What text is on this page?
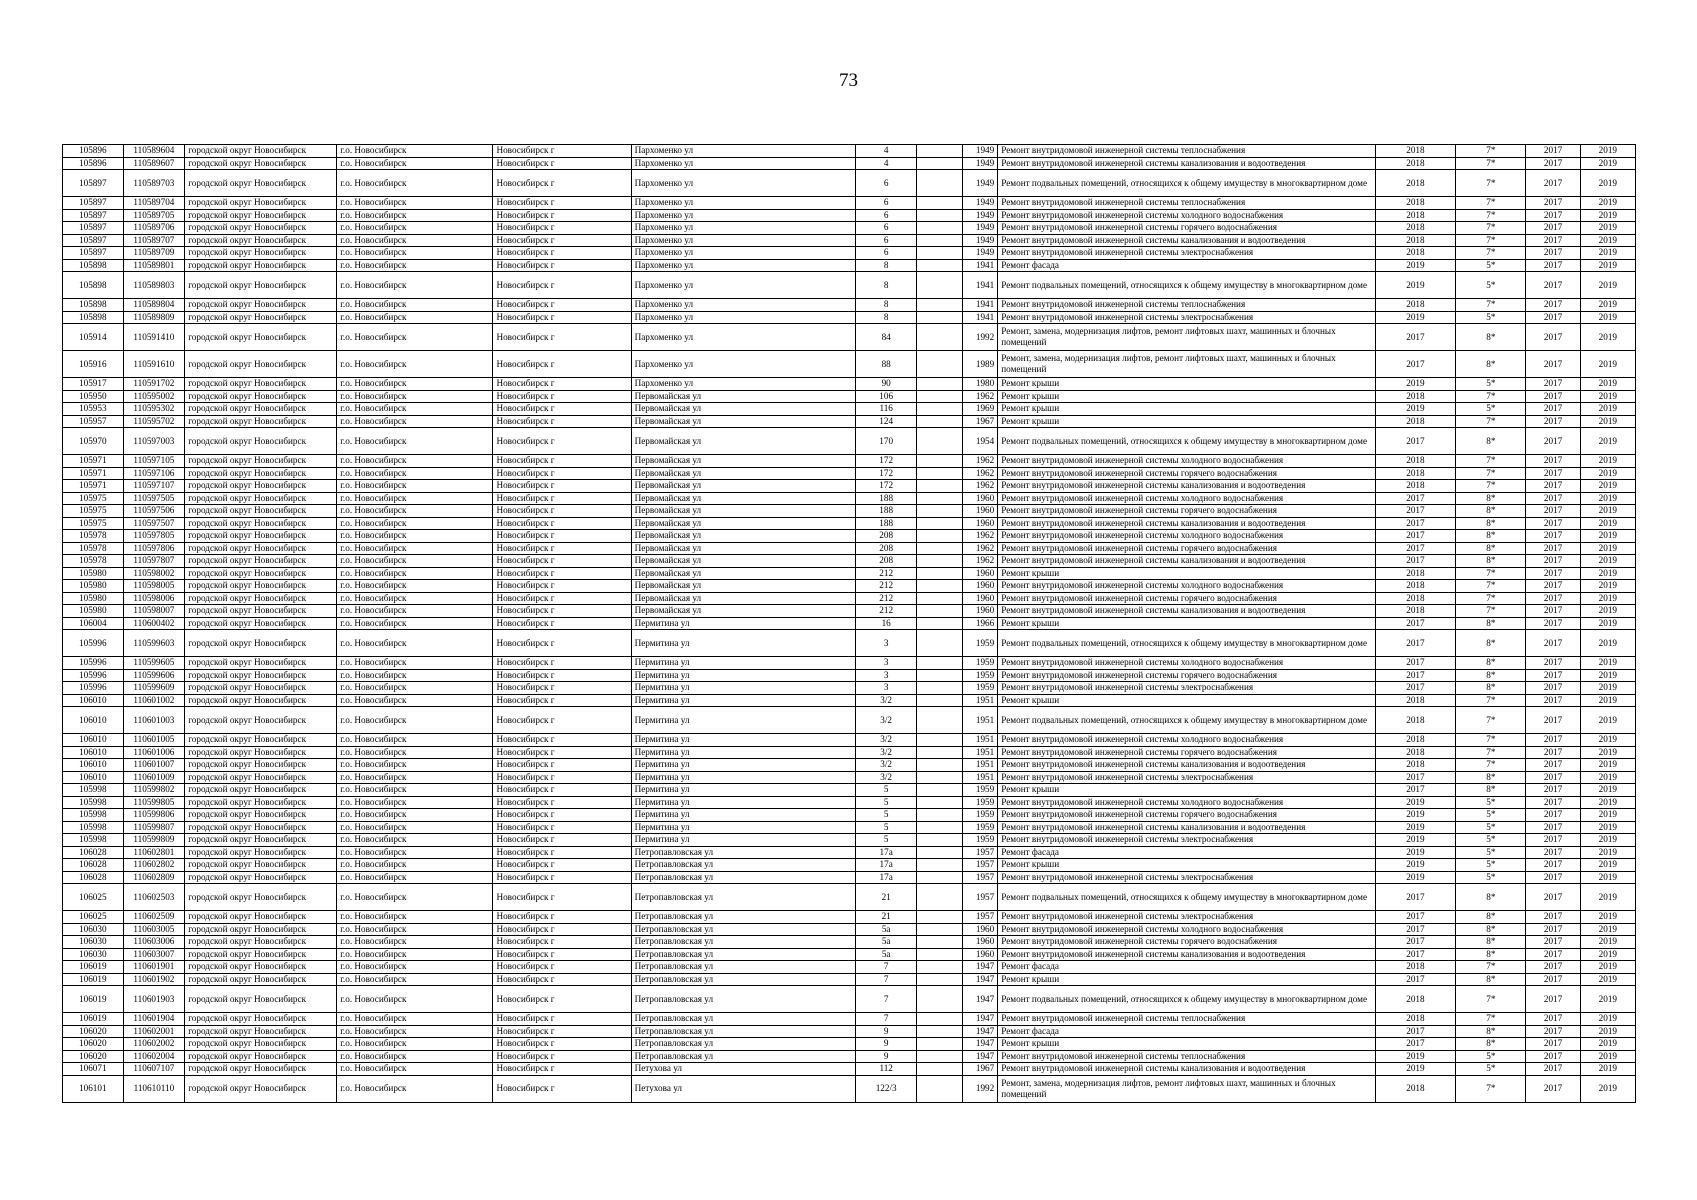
73
105896	110589604	городской округ Новосибирск	г.о. Новосибирск	Новосибирск г	Пархоменко ул	4		1949	Ремонт внутридомовой инженерной системы теплоснабжения	2018	7*	2017	2019
105896	110589607	городской округ Новосибирск	г.о. Новосибирск	Новосибирск г	Пархоменко ул	4		1949	Ремонт внутридомовой инженерной системы канализования и водоотведения	2018	7*	2017	2019
105897	110589703	городской округ Новосибирск	г.о. Новосибирск	Новосибирск г	Пархоменко ул	6		1949	Ремонт подвальных помещений, относящихся к общему имуществу в многоквартирном доме	2018	7*	2017	2019
105897	110589704	городской округ Новосибирск	г.о. Новосибирск	Новосибирск г	Пархоменко ул	6		1949	Ремонт внутридомовой инженерной системы теплоснабжения	2018	7*	2017	2019
105897	110589705	городской округ Новосибирск	г.о. Новосибирск	Новосибирск г	Пархоменко ул	6		1949	Ремонт внутридомовой инженерной системы холодного водоснабжения	2018	7*	2017	2019
105897	110589706	городской округ Новосибирск	г.о. Новосибирск	Новосибирск г	Пархоменко ул	6		1949	Ремонт внутридомовой инженерной системы горячего водоснабжения	2018	7*	2017	2019
105897	110589707	городской округ Новосибирск	г.о. Новосибирск	Новосибирск г	Пархоменко ул	6		1949	Ремонт внутридомовой инженерной системы канализования и водоотведения	2018	7*	2017	2019
105897	110589709	городской округ Новосибирск	г.о. Новосибирск	Новосибирск г	Пархоменко ул	6		1949	Ремонт внутридомовой инженерной системы электроснабжения	2018	7*	2017	2019
105898	110589801	городской округ Новосибирск	г.о. Новосибирск	Новосибирск г	Пархоменко ул	8		1941	Ремонт фасада	2019	5*	2017	2019
105898	110589803	городской округ Новосибирск	г.о. Новосибирск	Новосибирск г	Пархоменко ул	8		1941	Ремонт подвальных помещений, относящихся к общему имуществу в многоквартирном доме	2019	5*	2017	2019
105898	110589804	городской округ Новосибирск	г.о. Новосибирск	Новосибирск г	Пархоменко ул	8		1941	Ремонт внутридомовой инженерной системы теплоснабжения	2018	7*	2017	2019
105898	110589809	городской округ Новосибирск	г.о. Новосибирск	Новосибирск г	Пархоменко ул	8		1941	Ремонт внутридомовой инженерной системы электроснабжения	2019	5*	2017	2019
105914	110591410	городской округ Новосибирск	г.о. Новосибирск	Новосибирск г	Пархоменко ул	84		1992	Ремонт, замена, модернизация лифтов, ремонт лифтовых шахт, машинных и блочных помещений	2017	8*	2017	2019
105916	110591610	городской округ Новосибирск	г.о. Новосибирск	Новосибирск г	Пархоменко ул	88		1989	Ремонт, замена, модернизация лифтов, ремонт лифтовых шахт, машинных и блочных помещений	2017	8*	2017	2019
105917	110591702	городской округ Новосибирск	г.о. Новосибирск	Новосибирск г	Пархоменко ул	90		1980	Ремонт крыши	2019	5*	2017	2019
105950	110595002	городской округ Новосибирск	г.о. Новосибирск	Новосибирск г	Первомайская ул	106		1962	Ремонт крыши	2018	7*	2017	2019
105953	110595302	городской округ Новосибирск	г.о. Новосибирск	Новосибирск г	Первомайская ул	116		1969	Ремонт крыши	2019	5*	2017	2019
105957	110595702	городской округ Новосибирск	г.о. Новосибирск	Новосибирск г	Первомайская ул	124		1967	Ремонт крыши	2018	7*	2017	2019
105970	110597003	городской округ Новосибирск	г.о. Новосибирск	Новосибирск г	Первомайская ул	170		1954	Ремонт подвальных помещений, относящихся к общему имуществу в многоквартирном доме	2017	8*	2017	2019
105971	110597105	городской округ Новосибирск	г.о. Новосибирск	Новосибирск г	Первомайская ул	172		1962	Ремонт внутридомовой инженерной системы холодного водоснабжения	2018	7*	2017	2019
105971	110597106	городской округ Новосибирск	г.о. Новосибирск	Новосибирск г	Первомайская ул	172		1962	Ремонт внутридомовой инженерной системы горячего водоснабжения	2018	7*	2017	2019
105971	110597107	городской округ Новосибирск	г.о. Новосибирск	Новосибирск г	Первомайская ул	172		1962	Ремонт внутридомовой инженерной системы канализования и водоотведения	2018	7*	2017	2019
105975	110597505	городской округ Новосибирск	г.о. Новосибирск	Новосибирск г	Первомайская ул	188		1960	Ремонт внутридомовой инженерной системы холодного водоснабжения	2017	8*	2017	2019
105975	110597506	городской округ Новосибирск	г.о. Новосибирск	Новосибирск г	Первомайская ул	188		1960	Ремонт внутридомовой инженерной системы горячего водоснабжения	2017	8*	2017	2019
105975	110597507	городской округ Новосибирск	г.о. Новосибирск	Новосибирск г	Первомайская ул	188		1960	Ремонт внутридомовой инженерной системы канализования и водоотведения	2017	8*	2017	2019
105978	110597805	городской округ Новосибирск	г.о. Новосибирск	Новосибирск г	Первомайская ул	208		1962	Ремонт внутридомовой инженерной системы холодного водоснабжения	2017	8*	2017	2019
105978	110597806	городской округ Новосибирск	г.о. Новосибирск	Новосибирск г	Первомайская ул	208		1962	Ремонт внутридомовой инженерной системы горячего водоснабжения	2017	8*	2017	2019
105978	110597807	городской округ Новосибирск	г.о. Новосибирск	Новосибирск г	Первомайская ул	208		1962	Ремонт внутридомовой инженерной системы канализования и водоотведения	2017	8*	2017	2019
105980	110598002	городской округ Новосибирск	г.о. Новосибирск	Новосибирск г	Первомайская ул	212		1960	Ремонт крыши	2018	7*	2017	2019
105980	110598005	городской округ Новосибирск	г.о. Новосибирск	Новосибирск г	Первомайская ул	212		1960	Ремонт внутридомовой инженерной системы холодного водоснабжения	2018	7*	2017	2019
105980	110598006	городской округ Новосибирск	г.о. Новосибирск	Новосибирск г	Первомайская ул	212		1960	Ремонт внутридомовой инженерной системы горячего водоснабжения	2018	7*	2017	2019
105980	110598007	городской округ Новосибирск	г.о. Новосибирск	Новосибирск г	Первомайская ул	212		1960	Ремонт внутридомовой инженерной системы канализования и водоотведения	2018	7*	2017	2019
106004	110600402	городской округ Новосибирск	г.о. Новосибирск	Новосибирск г	Пермитина ул	16		1966	Ремонт крыши	2017	8*	2017	2019
105996	110599603	городской округ Новосибирск	г.о. Новосибирск	Новосибирск г	Пермитина ул	3		1959	Ремонт подвальных помещений, относящихся к общему имуществу в многоквартирном доме	2017	8*	2017	2019
105996	110599605	городской округ Новосибирск	г.о. Новосибирск	Новосибирск г	Пермитина ул	3		1959	Ремонт внутридомовой инженерной системы холодного водоснабжения	2017	8*	2017	2019
105996	110599606	городской округ Новосибирск	г.о. Новосибирск	Новосибирск г	Пермитина ул	3		1959	Ремонт внутридомовой инженерной системы горячего водоснабжения	2017	8*	2017	2019
105996	110599609	городской округ Новосибирск	г.о. Новосибирск	Новосибирск г	Пермитина ул	3		1959	Ремонт внутридомовой инженерной системы электроснабжения	2017	8*	2017	2019
106010	110601002	городской округ Новосибирск	г.о. Новосибирск	Новосибирск г	Пермитина ул	3/2		1951	Ремонт крыши	2018	7*	2017	2019
106010	110601003	городской округ Новосибирск	г.о. Новосибирск	Новосибирск г	Пермитина ул	3/2		1951	Ремонт подвальных помещений, относящихся к общему имуществу в многоквартирном доме	2018	7*	2017	2019
106010	110601005	городской округ Новосибирск	г.о. Новосибирск	Новосибирск г	Пермитина ул	3/2		1951	Ремонт внутридомовой инженерной системы холодного водоснабжения	2018	7*	2017	2019
106010	110601006	городской округ Новосибирск	г.о. Новосибирск	Новосибирск г	Пермитина ул	3/2		1951	Ремонт внутридомовой инженерной системы горячего водоснабжения	2018	7*	2017	2019
106010	110601007	городской округ Новосибирск	г.о. Новосибирск	Новосибирск г	Пермитина ул	3/2		1951	Ремонт внутридомовой инженерной системы канализования и водоотведения	2018	7*	2017	2019
106010	110601009	городской округ Новосибирск	г.о. Новосибирск	Новосибирск г	Пермитина ул	3/2		1951	Ремонт внутридомовой инженерной системы электроснабжения	2017	8*	2017	2019
105998	110599802	городской округ Новосибирск	г.о. Новосибирск	Новосибирск г	Пермитина ул	5		1959	Ремонт крыши	2017	8*	2017	2019
105998	110599805	городской округ Новосибирск	г.о. Новосибирск	Новосибирск г	Пермитина ул	5		1959	Ремонт внутридомовой инженерной системы холодного водоснабжения	2019	5*	2017	2019
105998	110599806	городской округ Новосибирск	г.о. Новосибирск	Новосибирск г	Пермитина ул	5		1959	Ремонт внутридомовой инженерной системы горячего водоснабжения	2019	5*	2017	2019
105998	110599807	городской округ Новосибирск	г.о. Новосибирск	Новосибирск г	Пермитина ул	5		1959	Ремонт внутридомовой инженерной системы канализования и водоотведения	2019	5*	2017	2019
105998	110599809	городской округ Новосибирск	г.о. Новосибирск	Новосибирск г	Пермитина ул	5		1959	Ремонт внутридомовой инженерной системы электроснабжения	2019	5*	2017	2019
106028	110602801	городской округ Новосибирск	г.о. Новосибирск	Новосибирск г	Петропавловская ул	17а		1957	Ремонт фасада	2019	5*	2017	2019
106028	110602802	городской округ Новосибирск	г.о. Новосибирск	Новосибирск г	Петропавловская ул	17а		1957	Ремонт крыши	2019	5*	2017	2019
106028	110602809	городской округ Новосибирск	г.о. Новосибирск	Новосибирск г	Петропавловская ул	17а		1957	Ремонт внутридомовой инженерной системы электроснабжения	2019	5*	2017	2019
106025	110602503	городской округ Новосибирск	г.о. Новосибирск	Новосибирск г	Петропавловская ул	21		1957	Ремонт подвальных помещений, относящихся к общему имуществу в многоквартирном доме	2017	8*	2017	2019
106025	110602509	городской округ Новосибирск	г.о. Новосибирск	Новосибирск г	Петропавловская ул	21		1957	Ремонт внутридомовой инженерной системы электроснабжения	2017	8*	2017	2019
106030	110603005	городской округ Новосибирск	г.о. Новосибирск	Новосибирск г	Петропавловская ул	5а		1960	Ремонт внутридомовой инженерной системы холодного водоснабжения	2017	8*	2017	2019
106030	110603006	городской округ Новосибирск	г.о. Новосибирск	Новосибирск г	Петропавловская ул	5а		1960	Ремонт внутридомовой инженерной системы горячего водоснабжения	2017	8*	2017	2019
106030	110603007	городской округ Новосибирск	г.о. Новосибирск	Новосибирск г	Петропавловская ул	5а		1960	Ремонт внутридомовой инженерной системы канализования и водоотведения	2017	8*	2017	2019
106019	110601901	городской округ Новосибирск	г.о. Новосибирск	Новосибирск г	Петропавловская ул	7		1947	Ремонт фасада	2018	7*	2017	2019
106019	110601902	городской округ Новосибирск	г.о. Новосибирск	Новосибирск г	Петропавловская ул	7		1947	Ремонт крыши	2017	8*	2017	2019
106019	110601903	городской округ Новосибирск	г.о. Новосибирск	Новосибирск г	Петропавловская ул	7		1947	Ремонт подвальных помещений, относящихся к общему имуществу в многоквартирном доме	2018	7*	2017	2019
106019	110601904	городской округ Новосибирск	г.о. Новосибирск	Новосибирск г	Петропавловская ул	7		1947	Ремонт внутридомовой инженерной системы теплоснабжения	2018	7*	2017	2019
106020	110602001	городской округ Новосибирск	г.о. Новосибирск	Новосибирск г	Петропавловская ул	9		1947	Ремонт фасада	2017	8*	2017	2019
106020	110602002	городской округ Новосибирск	г.о. Новосибирск	Новосибирск г	Петропавловская ул	9		1947	Ремонт крыши	2017	8*	2017	2019
106020	110602004	городской округ Новосибирск	г.о. Новосибирск	Новосибирск г	Петропавловская ул	9		1947	Ремонт внутридомовой инженерной системы теплоснабжения	2019	5*	2017	2019
106071	110607107	городской округ Новосибирск	г.о. Новосибирск	Новосибирск г	Петухова ул	112		1967	Ремонт внутридомовой инженерной системы канализования и водоотведения	2019	5*	2017	2019
106101	110610110	городской округ Новосибирск	г.о. Новосибирск	Новосибирск г	Петухова ул	122/3		1992	Ремонт, замена, модернизация лифтов, ремонт лифтовых шахт, машинных и блочных помещений	2018	7*	2017	2019
